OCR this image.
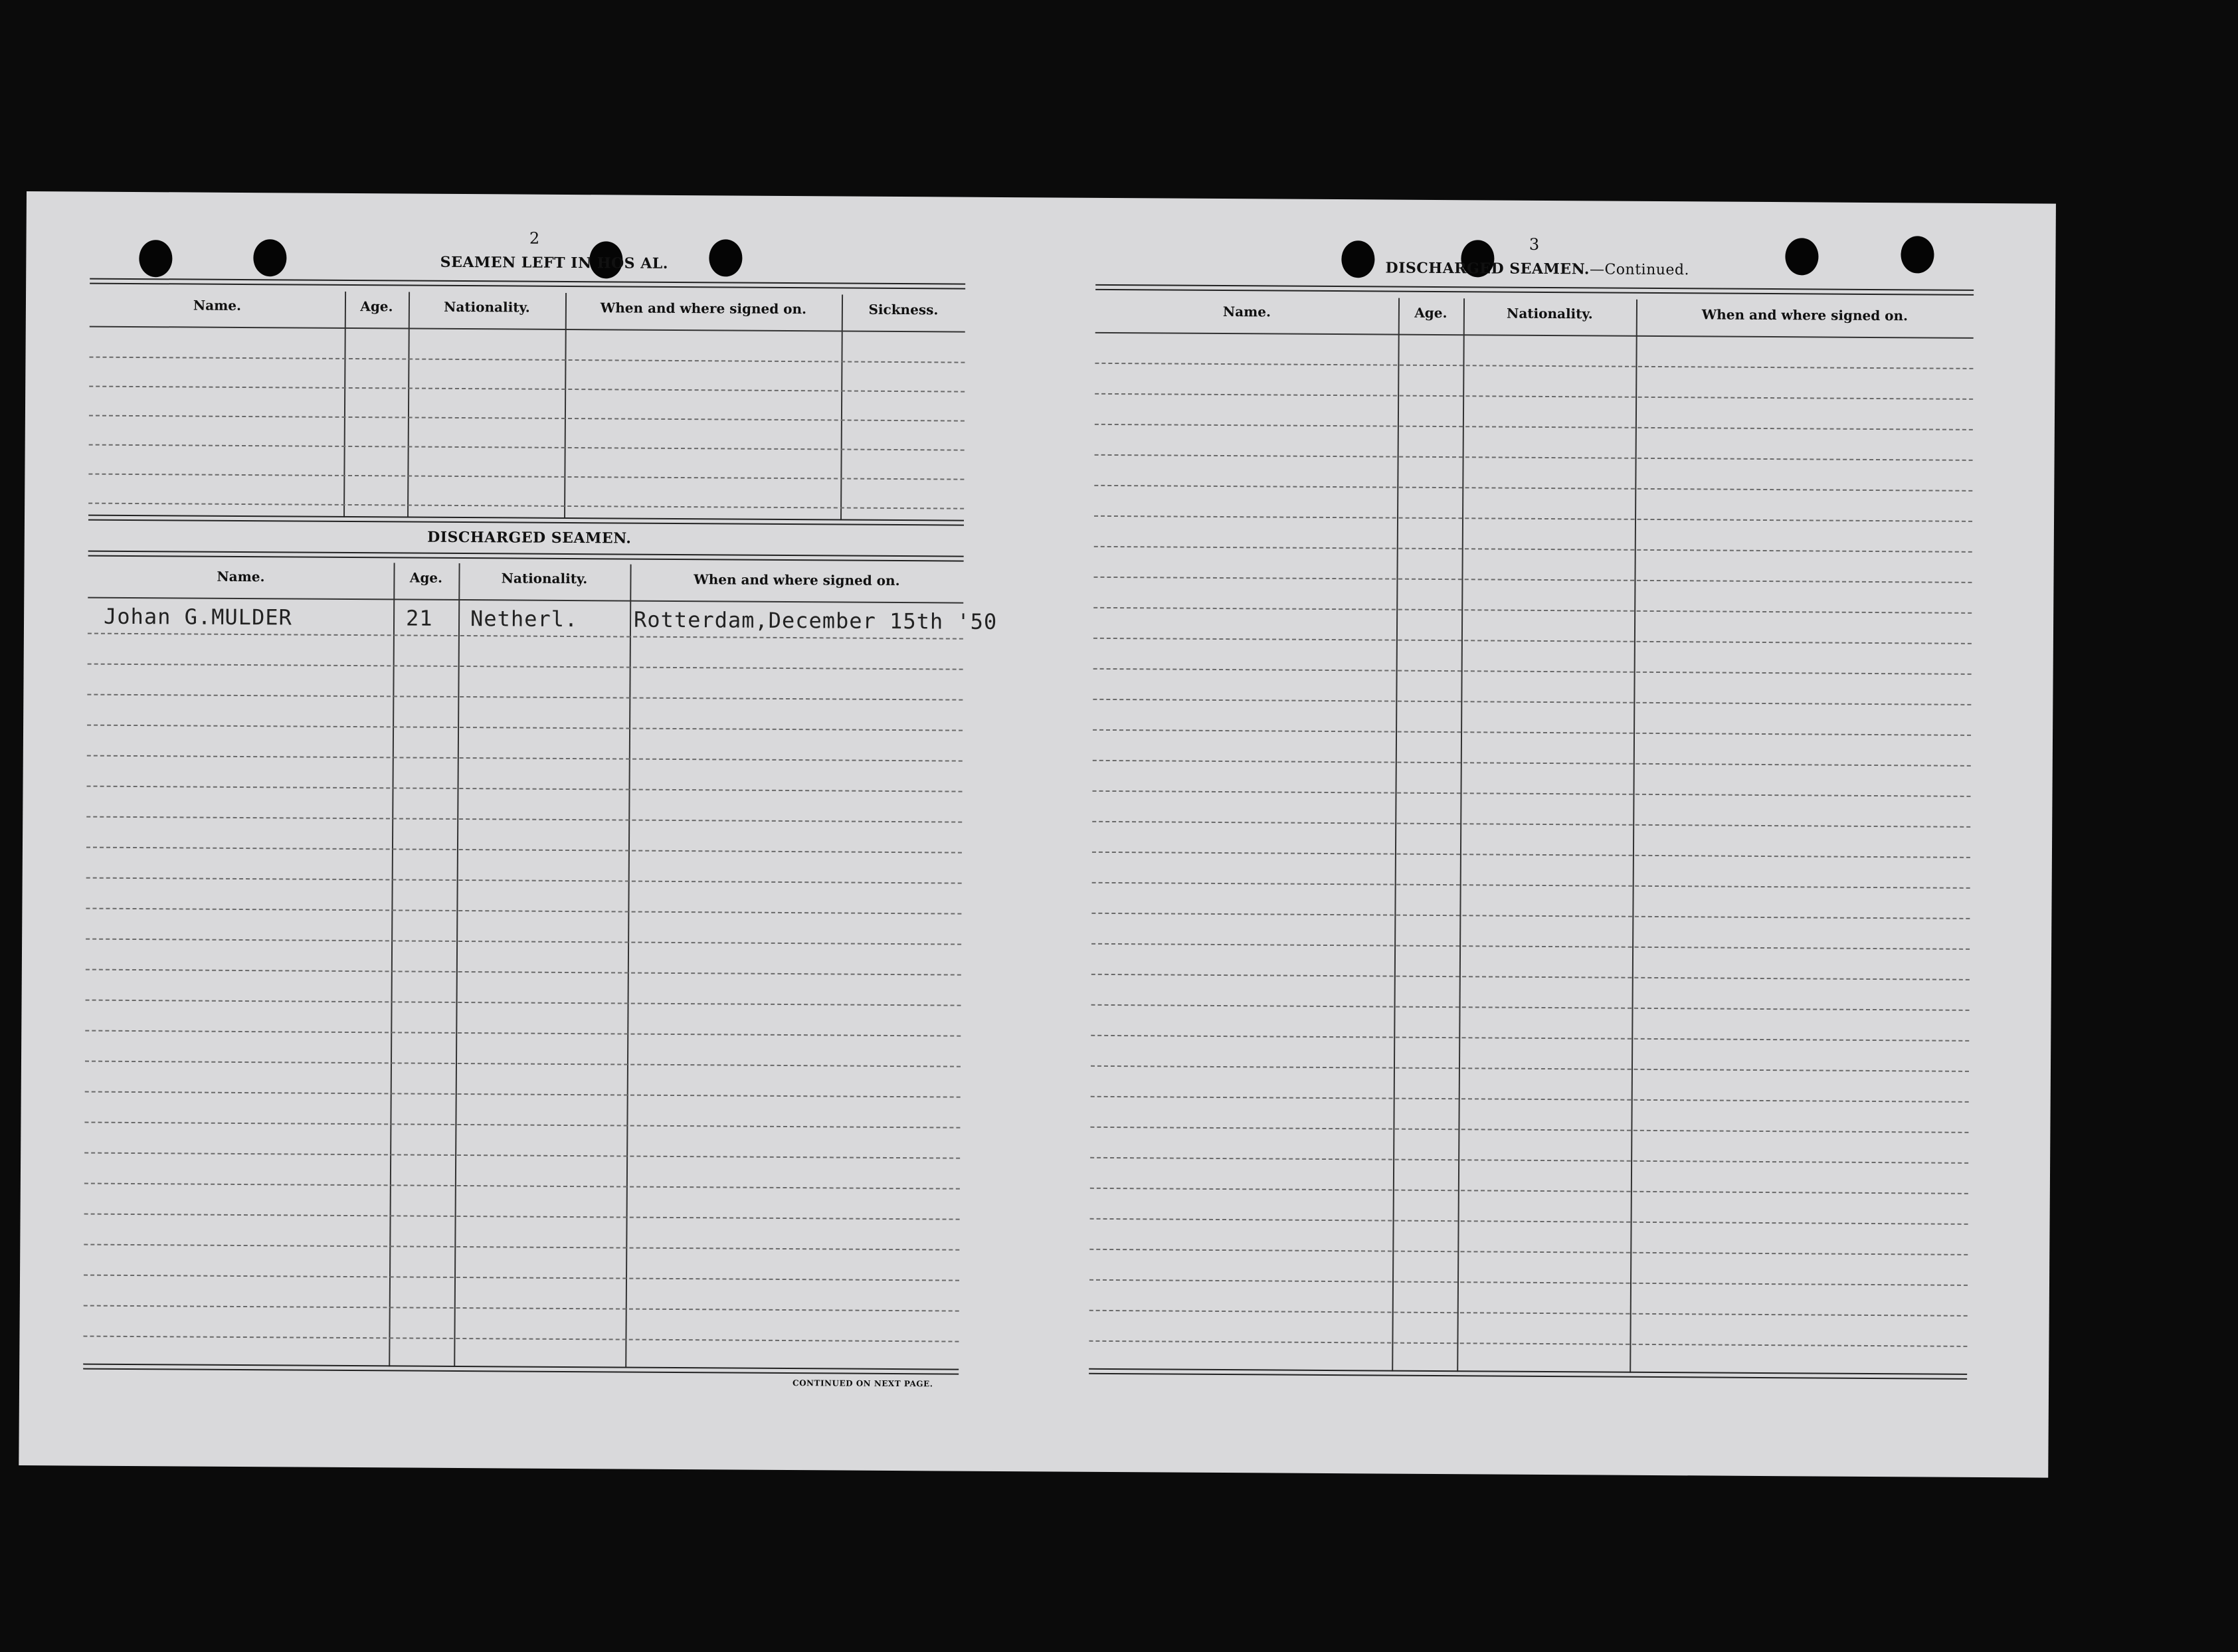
2
SEAMEN LEFT IN HOS AL.
Name.	Age.	Nationality.	When and where signed on.	Sickness.
DISCHARGED SEAMEN.
Name.	Age.	Nationality.	When and where signed on.
Johan G.MULDER	21 Netherl.	Rotterdam,December 15th '50
CONTINUED ON NEXT PAGE.
3
DISCHARGED SEAMEN.—Continued.
Name.	Age.	Nationality.	When and where signed on.
